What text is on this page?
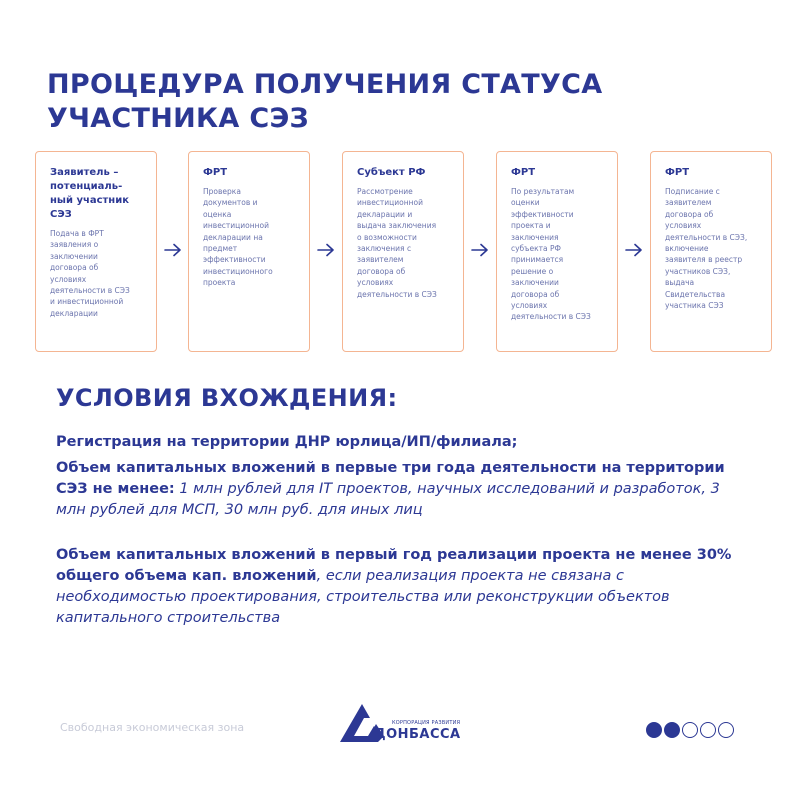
ПРОЦЕДУРА ПОЛУЧЕНИЯ СТАТУСА
УЧАСТНИКА СЭЗ
Заявитель –
потенциаль-
ный участник
СЭЗ
Подача в ФРТ
заявления о
заключении
договора об
условиях
деятельности в СЭЗ
и инвестиционной
декларации
ФРТ
Проверка
документов и
оценка
инвестиционной
декларации на
предмет
эффективности
инвестиционного
проекта
Субъект РФ
Рассмотрение
инвестиционной
декларации и
выдача заключения
о возможности
заключения с
заявителем
договора об
условиях
деятельности в СЭЗ
ФРТ
По результатам
оценки
эффективности
проекта и
заключения
субъекта РФ
принимается
решение о
заключении
договора об
условиях
деятельности в СЭЗ
ФРТ
Подписание с
заявителем
договора об
условиях
деятельности в СЭЗ,
включение
заявителя в реестр
участников СЭЗ,
выдача
Свидетельства
участника СЭЗ
УСЛОВИЯ ВХОЖДЕНИЯ:

Регистрация на территории ДНР юрлица/ИП/филиала;

Объем капитальных вложений в первые три года деятельности на территории СЭЗ не менее: 1 млн рублей для IT проектов, научных исследований и разработок, 3 млн рублей для МСП, 30 млн руб. для иных лиц

Объем капитальных вложений в первый год реализации проекта не менее 30% общего объема кап. вложений, если реализация проекта не связана с необходимостью проектирования, строительства или реконструкции объектов капитального строительства

Свободная экономическая зона	КОРПОРАЦИЯ РАЗВИТИЯ
ДОНБАССА
